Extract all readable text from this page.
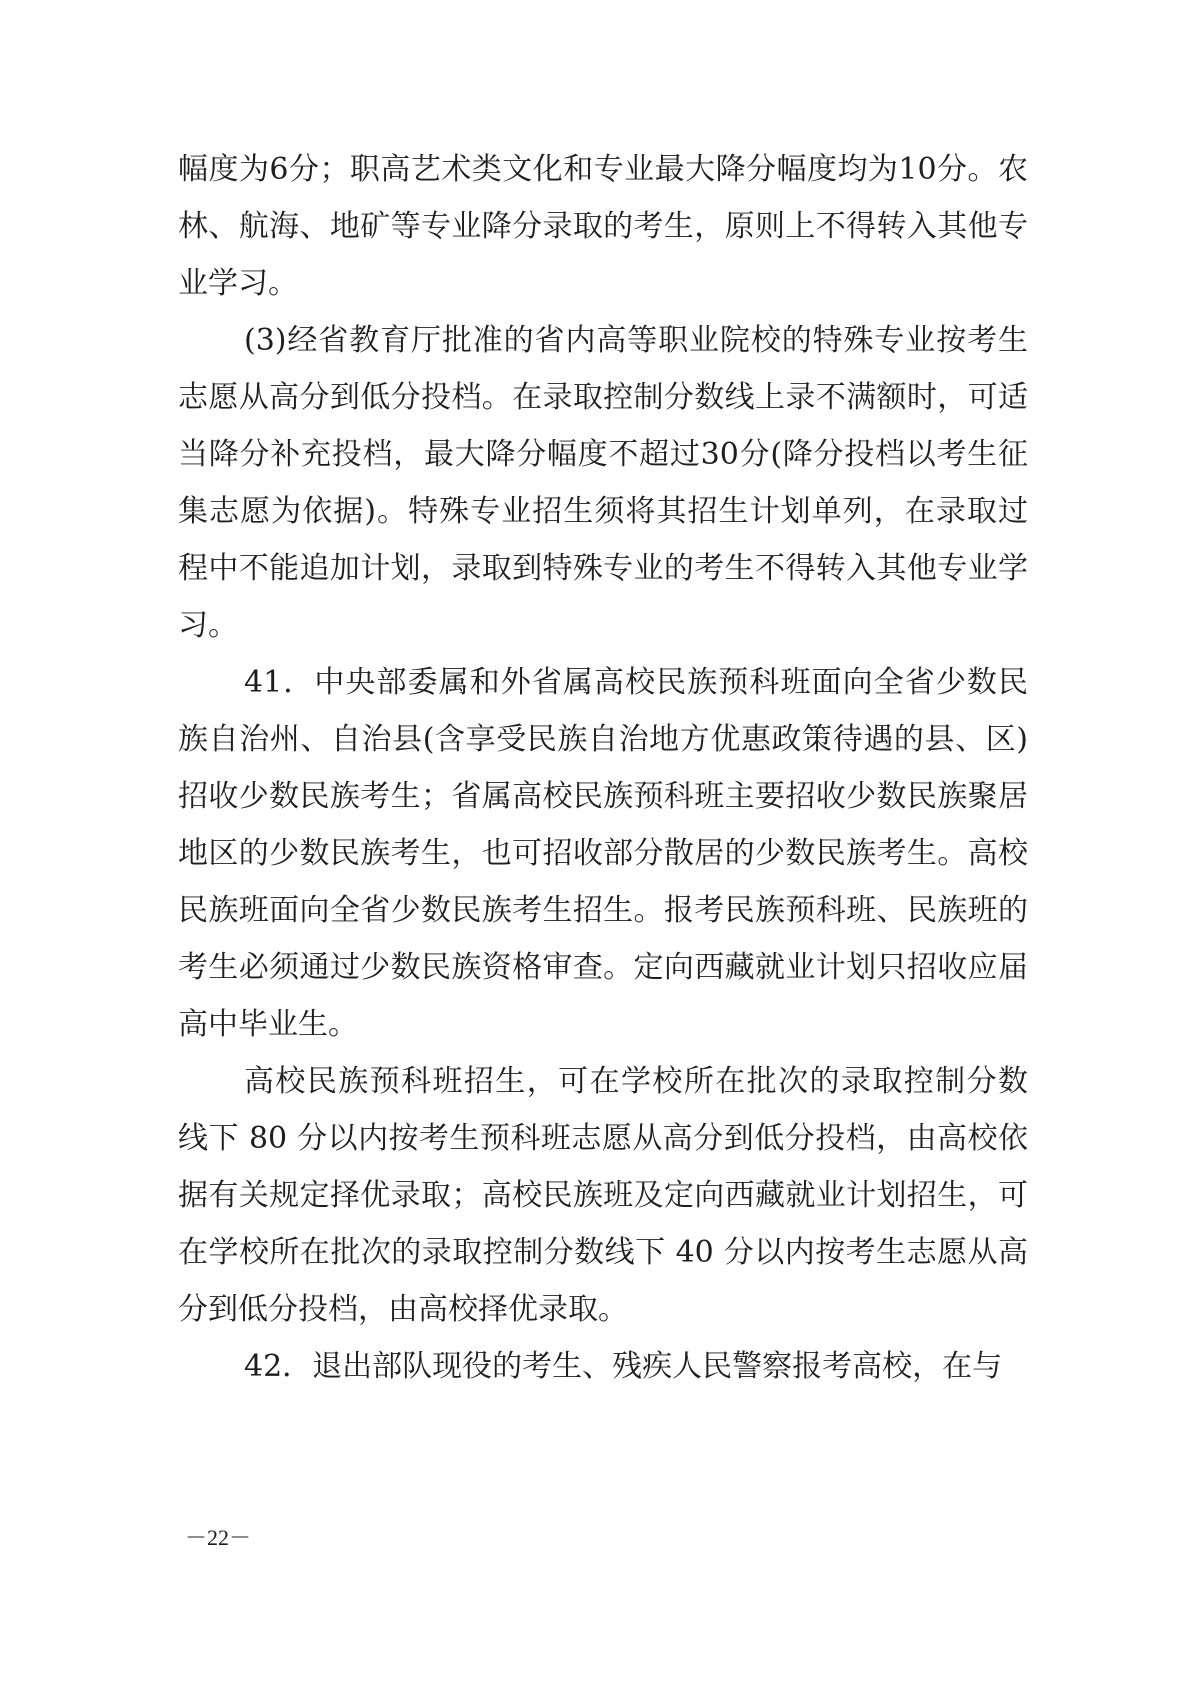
幅度为6分；职高艺术类文化和专业最大降分幅度均为10分。农
林、航海、地矿等专业降分录取的考生，原则上不得转入其他专
业学习。
(3)经省教育厅批准的省内高等职业院校的特殊专业按考生
志愿从高分到低分投档。在录取控制分数线上录不满额时，可适
当降分补充投档，最大降分幅度不超过30分(降分投档以考生征
集志愿为依据)。特殊专业招生须将其招生计划单列，在录取过
程中不能追加计划，录取到特殊专业的考生不得转入其他专业学
习。
41．中央部委属和外省属高校民族预科班面向全省少数民
族自治州、自治县(含享受民族自治地方优惠政策待遇的县、区)
招收少数民族考生；省属高校民族预科班主要招收少数民族聚居
地区的少数民族考生，也可招收部分散居的少数民族考生。高校
民族班面向全省少数民族考生招生。报考民族预科班、民族班的
考生必须通过少数民族资格审查。定向西藏就业计划只招收应届
高中毕业生。
高校民族预科班招生，可在学校所在批次的录取控制分数
线下 80 分以内按考生预科班志愿从高分到低分投档，由高校依
据有关规定择优录取；高校民族班及定向西藏就业计划招生，可
在学校所在批次的录取控制分数线下 40 分以内按考生志愿从高
分到低分投档，由高校择优录取。
42．退出部队现役的考生、残疾人民警察报考高校，在与
－22－
